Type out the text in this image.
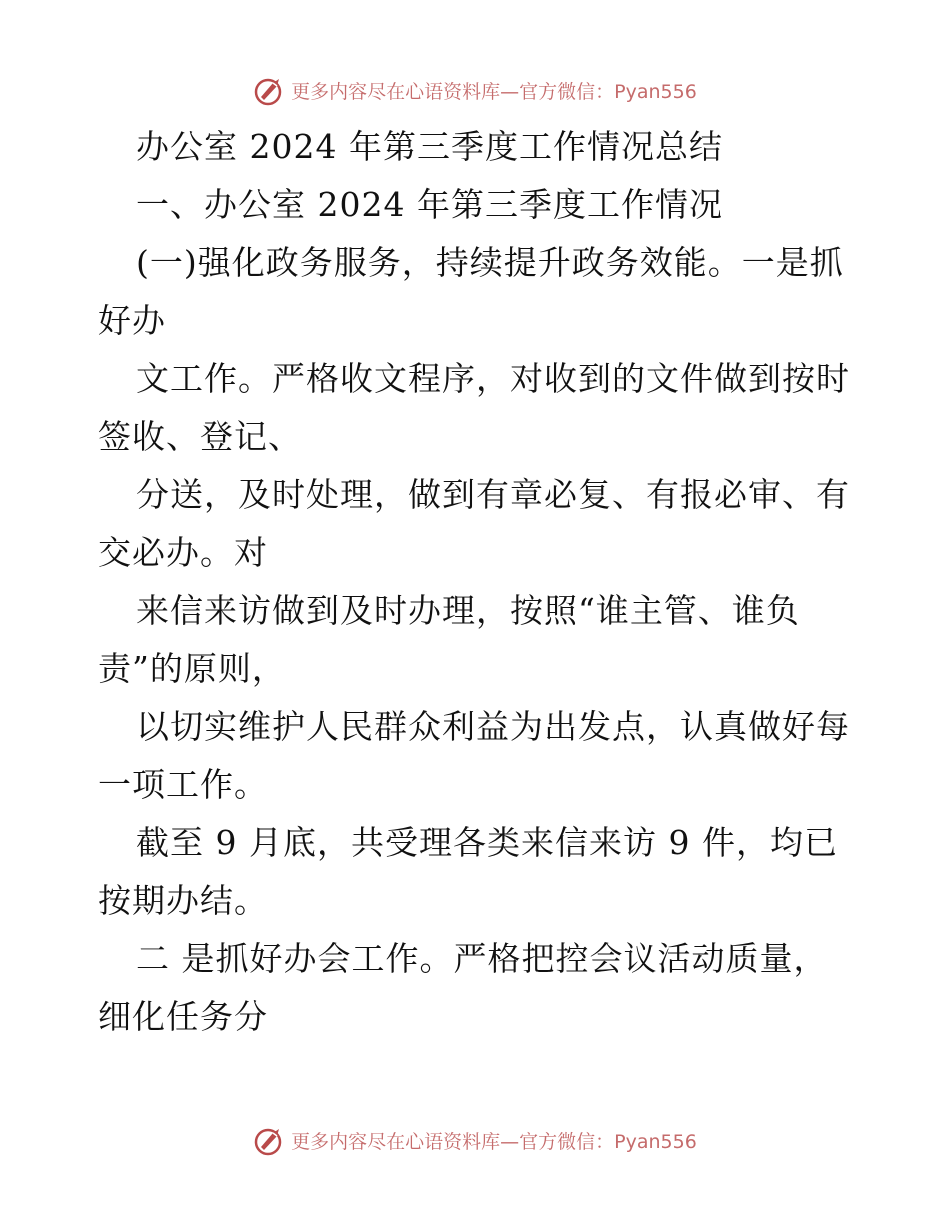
更多内容尽在心语资料库—官方微信：Pyan556
办公室 2024 年第三季度工作情况总结
一、办公室 2024 年第三季度工作情况
(一)强化政务服务，持续提升政务效能。一是抓
好办
文工作。严格收文程序，对收到的文件做到按时
签收、登记、
分送，及时处理，做到有章必复、有报必审、有
交必办。对
来信来访做到及时办理，按照“谁主管、谁负
责”的原则，
以切实维护人民群众利益为出发点，认真做好每
一项工作。
截至 9 月底，共受理各类来信来访 9 件，均已
按期办结。
二 是抓好办会工作。严格把控会议活动质量，
细化任务分
更多内容尽在心语资料库—官方微信：Pyan556
